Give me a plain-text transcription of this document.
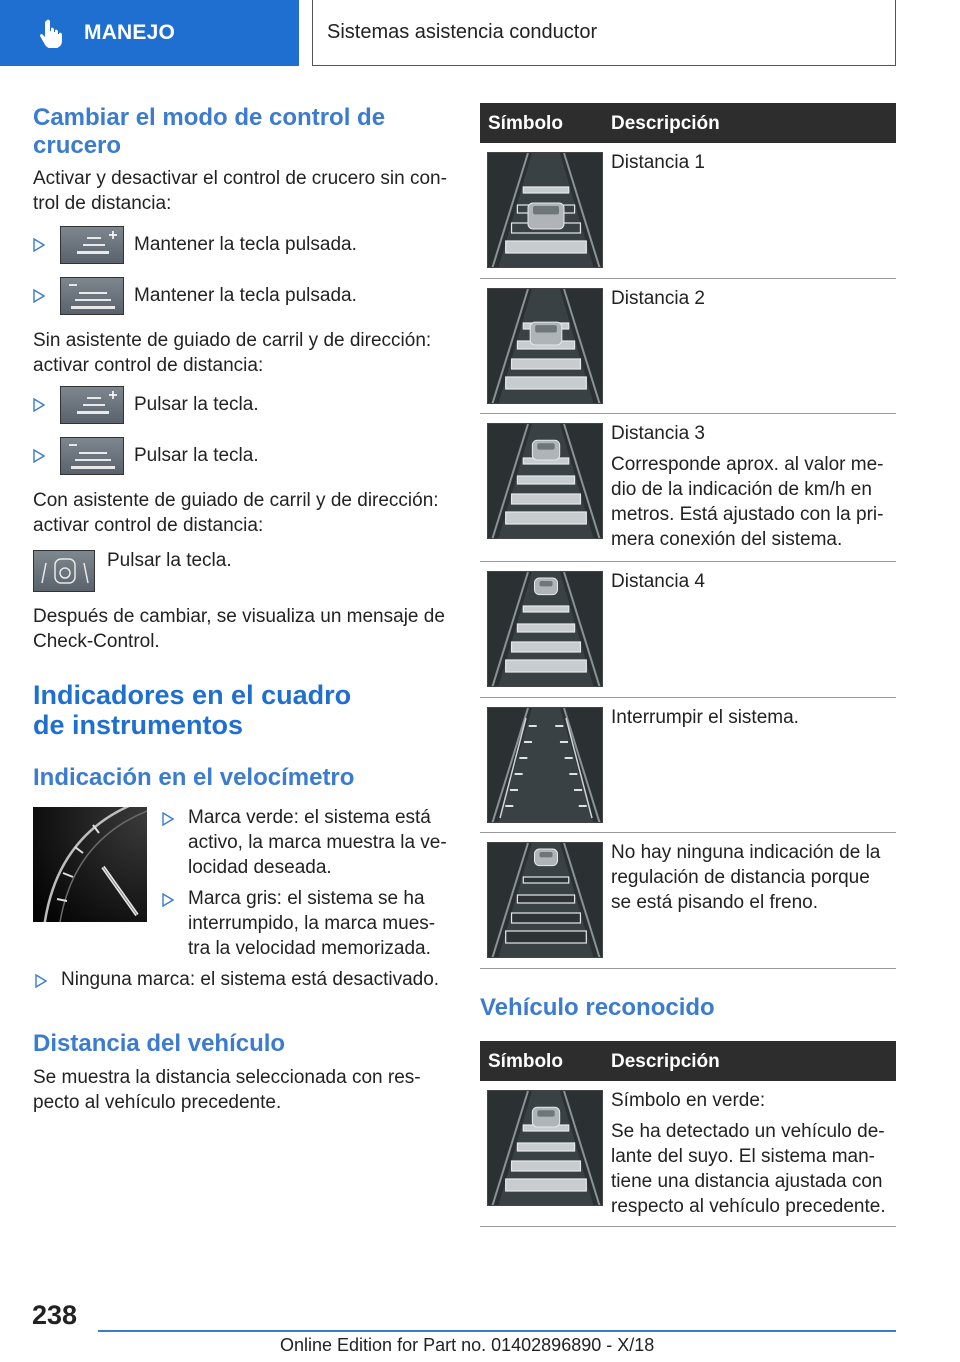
MANEJO	Sistemas asistencia conductor
Cambiar el modo de control de crucero

Activar y desactivar el control de crucero sin con-trol de distancia:

Mantener la tecla pulsada.
Mantener la tecla pulsada.

Sin asistente de guiado de carril y de dirección: activar control de distancia:

Pulsar la tecla.
Pulsar la tecla.

Con asistente de guiado de carril y de dirección: activar control de distancia:

Pulsar la tecla.

Después de cambiar, se visualiza un mensaje de Check-Control.

Indicadores en el cuadro
de instrumentos
Indicación en el velocímetro

Marca verde: el sistema está activo, la marca muestra la ve-locidad deseada.

Marca gris: el sistema se ha interrumpido, la marca mues-tra la velocidad memorizada.

Ninguna marca: el sistema está desactivado.

Distancia del vehículo

Se muestra la distancia seleccionada con res-pecto al vehículo precedente.

Símbolo	Descripción

Distancia 1

Distancia 2

Distancia 3

Corresponde aprox. al valor me-dio de la indicación de km/h en metros. Está ajustado con la pri-mera conexión del sistema.

Distancia 4

Interrumpir el sistema.

No hay ninguna indicación de la regulación de distancia porque se está pisando el freno.

Vehículo reconocido
Símbolo	Descripción

Símbolo en verde:

Se ha detectado un vehículo de-lante del suyo. El sistema man-tiene una distancia ajustada con respecto al vehículo precedente.

238
Online Edition for Part no. 01402896890 - X/18
